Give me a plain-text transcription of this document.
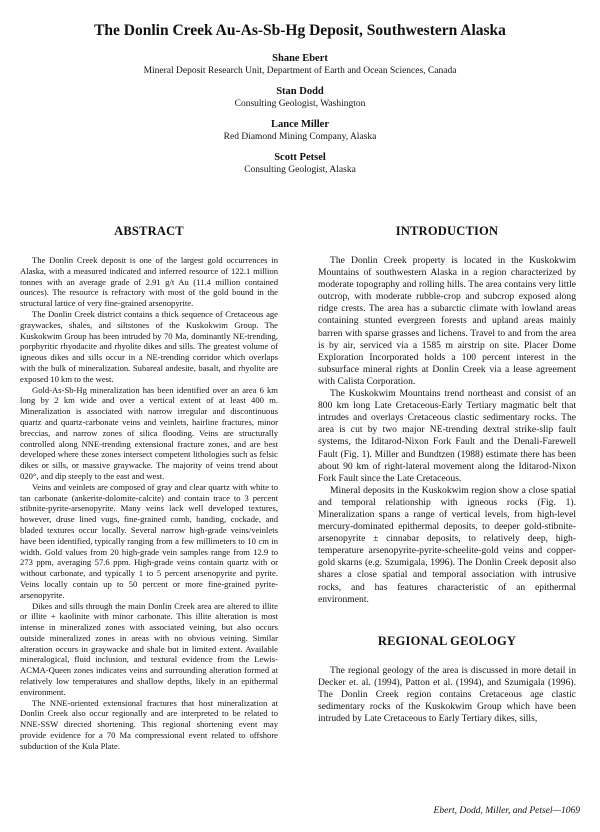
The Donlin Creek Au-As-Sb-Hg Deposit, Southwestern Alaska
Shane Ebert
Mineral Deposit Research Unit, Department of Earth and Ocean Sciences, Canada
Stan Dodd
Consulting Geologist, Washington
Lance Miller
Red Diamond Mining Company, Alaska
Scott Petsel
Consulting Geologist, Alaska
ABSTRACT

The Donlin Creek deposit is one of the largest gold occurrences in Alaska, with a measured indicated and inferred resource of 122.1 million tonnes with an average grade of 2.91 g/t Au (11.4 million contained ounces). The resource is refractory with most of the gold bound in the structural lattice of very fine-grained arsenopyrite.

The Donlin Creek district contains a thick sequence of Cretaceous age graywackes, shales, and siltstones of the Kuskokwim Group. The Kuskokwim Group has been intruded by 70 Ma, dominantly NE-trending, porphyritic rhyodacite and rhyolite dikes and sills. The greatest volume of igneous dikes and sills occur in a NE-trending corridor which overlaps with the bulk of mineralization. Subareal andesite, basalt, and rhyolite are exposed 10 km to the west.

Gold-As-Sb-Hg mineralization has been identified over an area 6 km long by 2 km wide and over a vertical extent of at least 400 m. Mineralization is associated with narrow irregular and discontinuous quartz and quartz-carbonate veins and veinlets, hairline fractures, minor breccias, and narrow zones of silica flooding. Veins are structurally controlled along NNE-trending extensional fracture zones, and are best developed where these zones intersect competent lithologies such as felsic dikes or sills, or massive graywacke. The majority of veins trend about 020°, and dip steeply to the east and west.

Veins and veinlets are composed of gray and clear quartz with white to tan carbonate (ankerite-dolomite-calcite) and contain trace to 3 percent stibnite-pyrite-arsenopyrite. Many veins lack well developed textures, however, druse lined vugs, fine-grained comb, banding, cockade, and bladed textures occur locally. Several narrow high-grade veins/veinlets have been identified, typically ranging from a few millimeters to 10 cm in width. Gold values from 20 high-grade vein samples range from 12.9 to 273 ppm, averaging 57.6 ppm. High-grade veins contain quartz with or without carbonate, and typically 1 to 5 percent arsenopyrite and pyrite. Veins locally contain up to 50 percent or more fine-grained pyrite-arsenopyrite.

Dikes and sills through the main Donlin Creek area are altered to illite or illite + kaolinite with minor carbonate. This illite alteration is most intense in mineralized zones with associated veining, but also occurs outside mineralized zones in areas with no obvious veining. Similar alteration occurs in graywacke and shale but in limited extent. Available mineralogical, fluid inclusion, and textural evidence from the Lewis-ACMA-Queen zones indicates veins and surrounding alteration formed at relatively low temperatures and shallow depths, likely in an epithermal environment.

The NNE-oriented extensional fractures that host mineralization at Donlin Creek also occur regionally and are interpreted to be related to NNE-SSW directed shortening. This regional shortening event may provide evidence for a 70 Ma compressional event related to offshore subduction of the Kula Plate.

INTRODUCTION

The Donlin Creek property is located in the Kuskokwim Mountains of southwestern Alaska in a region characterized by moderate topography and rolling hills. The area contains very little outcrop, with moderate rubble-crop and subcrop exposed along ridge crests. The area has a subarctic climate with lowland areas containing stunted evergreen forests and upland areas mainly barren with sparse grasses and lichens. Travel to and from the area is by air, serviced via a 1585 m airstrip on site. Placer Dome Exploration Incorporated holds a 100 percent interest in the subsurface mineral rights at Donlin Creek via a lease agreement with Calista Corporation.

The Kuskokwim Mountains trend northeast and consist of an 800 km long Late Cretaceous-Early Tertiary magmatic belt that intrudes and overlays Cretaceous clastic sedimentary rocks. The area is cut by two major NE-trending dextral strike-slip fault systems, the Iditarod-Nixon Fork Fault and the Denali-Farewell Fault (Fig. 1). Miller and Bundtzen (1988) estimate there has been about 90 km of right-lateral movement along the Iditarod-Nixon Fork Fault since the Late Cretaceous.

Mineral deposits in the Kuskokwim region show a close spatial and temporal relationship with igneous rocks (Fig. 1). Mineralization spans a range of vertical levels, from high-level mercury-dominated epithermal deposits, to deeper gold-stibnite-arsenopyrite ± cinnabar deposits, to relatively deep, high-temperature arsenopyrite-pyrite-scheelite-gold veins and copper-gold skarns (e.g. Szumigala, 1996). The Donlin Creek deposit also shares a close spatial and temporal association with intrusive rocks, and has features characteristic of an epithermal environment.

REGIONAL GEOLOGY

The regional geology of the area is discussed in more detail in Decker et. al. (1994), Patton et al. (1994), and Szumigala (1996). The Donlin Creek region contains Cretaceous age clastic sedimentary rocks of the Kuskokwim Group which have been intruded by Late Cretaceous to Early Tertiary dikes, sills,

Ebert, Dodd, Miller, and Petsel—1069
